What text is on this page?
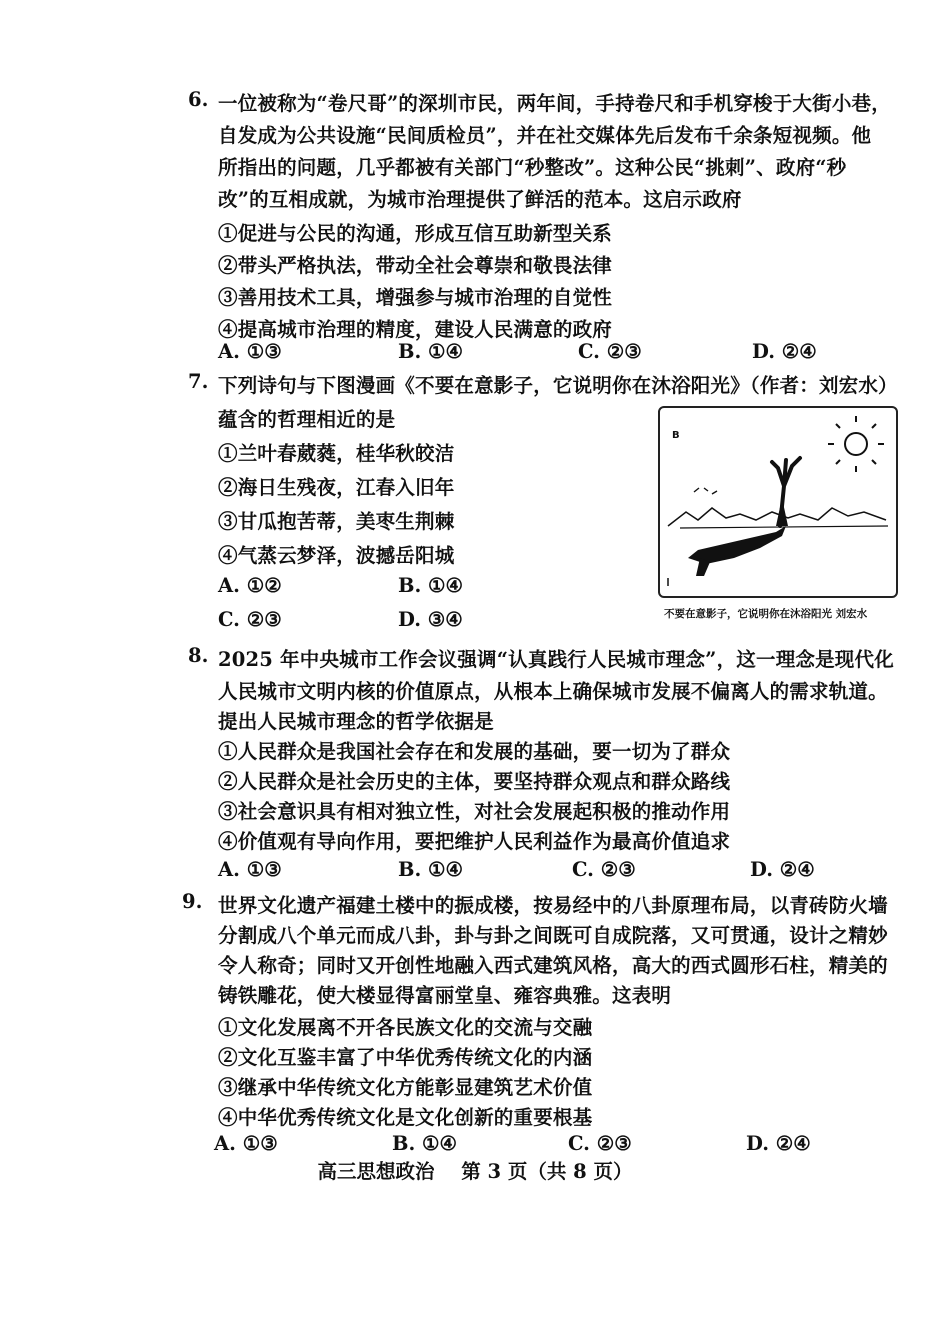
6. 一位被称为“卷尺哥”的深圳市民，两年间，手持卷尺和手机穿梭于大街小巷，
自发成为公共设施“民间质检员”，并在社交媒体先后发布千余条短视频。他
所指出的问题，几乎都被有关部门“秒整改”。这种公民“挑刺”、政府“秒
改”的互相成就，为城市治理提供了鲜活的范本。这启示政府
①促进与公民的沟通，形成互信互助新型关系
②带头严格执法，带动全社会尊崇和敬畏法律
③善用技术工具，增强参与城市治理的自觉性
④提高城市治理的精度，建设人民满意的政府
A. ①③	B. ①④	C. ②③	D. ②④
7. 下列诗句与下图漫画《不要在意影子，它说明你在沐浴阳光》（作者：刘宏水）
蕴含的哲理相近的是
①兰叶春葳蕤，桂华秋皎洁
②海日生残夜，江春入旧年
③甘瓜抱苦蒂，美枣生荆棘
④气蒸云梦泽，波撼岳阳城
A. ①②	B. ①④
C. ②③	D. ③④
B
不要在意影子，它说明你在沐浴阳光 刘宏水
8. 2025 年中央城市工作会议强调“认真践行人民城市理念”，这一理念是现代化
人民城市文明内核的价值原点，从根本上确保城市发展不偏离人的需求轨道。
提出人民城市理念的哲学依据是
①人民群众是我国社会存在和发展的基础，要一切为了群众
②人民群众是社会历史的主体，要坚持群众观点和群众路线
③社会意识具有相对独立性，对社会发展起积极的推动作用
④价值观有导向作用，要把维护人民利益作为最高价值追求
A. ①③	B. ①④	C. ②③	D. ②④
9. 世界文化遗产福建土楼中的振成楼，按易经中的八卦原理布局，以青砖防火墙
分割成八个单元而成八卦，卦与卦之间既可自成院落，又可贯通，设计之精妙
令人称奇；同时又开创性地融入西式建筑风格，高大的西式圆形石柱，精美的
铸铁雕花，使大楼显得富丽堂皇、雍容典雅。这表明
①文化发展离不开各民族文化的交流与交融
②文化互鉴丰富了中华优秀传统文化的内涵
③继承中华传统文化方能彰显建筑艺术价值
④中华优秀传统文化是文化创新的重要根基
A. ①③	B. ①④	C. ②③	D. ②④
高三思想政治 第 3 页（共 8 页）
